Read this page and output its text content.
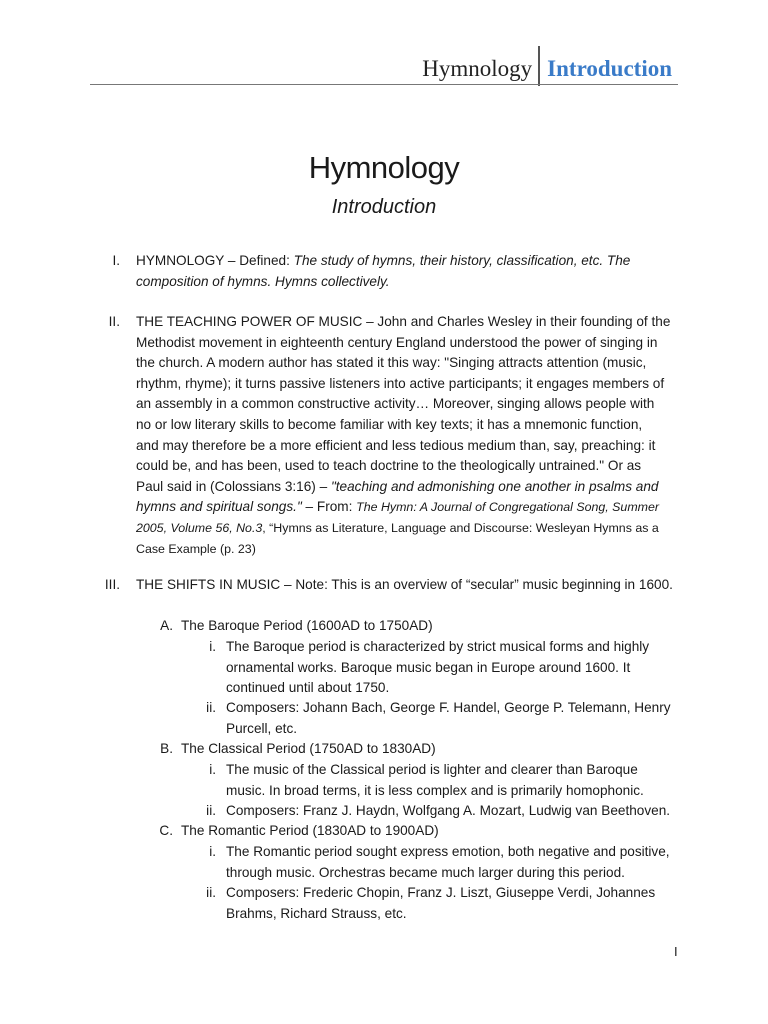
Hymnology Introduction
Hymnology
Introduction
I. HYMNOLOGY – Defined: The study of hymns, their history, classification, etc. The
composition of hymns. Hymns collectively.
II. THE TEACHING POWER OF MUSIC – John and Charles Wesley in their founding of the
Methodist movement in eighteenth century England understood the power of singing in
the church. A modern author has stated it this way: "Singing attracts attention (music,
rhythm, rhyme); it turns passive listeners into active participants; it engages members of
an assembly in a common constructive activity… Moreover, singing allows people with
no or low literary skills to become familiar with key texts; it has a mnemonic function,
and may therefore be a more efficient and less tedious medium than, say, preaching: it
could be, and has been, used to teach doctrine to the theologically untrained." Or as
Paul said in (Colossians 3:16) – "teaching and admonishing one another in psalms and
hymns and spiritual songs." – From: The Hymn: A Journal of Congregational Song, Summer
2005, Volume 56, No.3, “Hymns as Literature, Language and Discourse: Wesleyan Hymns as a
Case Example (p. 23)
III. THE SHIFTS IN MUSIC – Note: This is an overview of “secular” music beginning in 1600.
A. The Baroque Period (1600AD to 1750AD)
i. The Baroque period is characterized by strict musical forms and highly
ornamental works. Baroque music began in Europe around 1600. It
continued until about 1750.
ii. Composers: Johann Bach, George F. Handel, George P. Telemann, Henry
Purcell, etc.
B. The Classical Period (1750AD to 1830AD)
i. The music of the Classical period is lighter and clearer than Baroque
music. In broad terms, it is less complex and is primarily homophonic.
ii. Composers: Franz J. Haydn, Wolfgang A. Mozart, Ludwig van Beethoven.
C. The Romantic Period (1830AD to 1900AD)
i. The Romantic period sought express emotion, both negative and positive,
through music. Orchestras became much larger during this period.
ii. Composers: Frederic Chopin, Franz J. Liszt, Giuseppe Verdi, Johannes
Brahms, Richard Strauss, etc.
I
